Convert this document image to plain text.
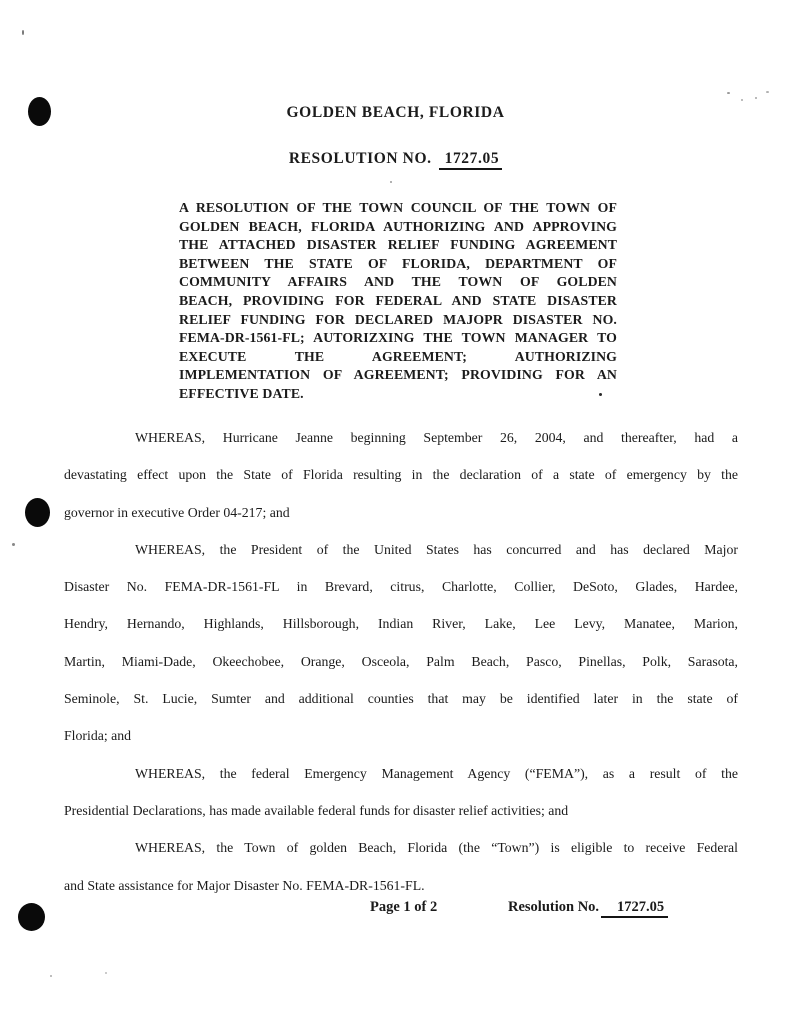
GOLDEN BEACH, FLORIDA
RESOLUTION NO. 1727.05
A RESOLUTION OF THE TOWN COUNCIL OF THE TOWN OF
GOLDEN BEACH, FLORIDA AUTHORIZING AND APPROVING
THE ATTACHED DISASTER RELIEF FUNDING AGREEMENT
BETWEEN THE STATE OF FLORIDA, DEPARTMENT OF
COMMUNITY AFFAIRS AND THE TOWN OF GOLDEN
BEACH, PROVIDING FOR FEDERAL AND STATE DISASTER
RELIEF FUNDING FOR DECLARED MAJOPR DISASTER NO.
FEMA-DR-1561-FL; AUTORIZXING THE TOWN MANAGER TO
EXECUTE THE AGREEMENT; AUTHORIZING
IMPLEMENTATION OF AGREEMENT; PROVIDING FOR AN
EFFECTIVE DATE.
WHEREAS, Hurricane Jeanne beginning September 26, 2004, and thereafter, had a
devastating effect upon the State of Florida resulting in the declaration of a state of emergency by the
governor in executive Order 04-217; and
WHEREAS, the President of the United States has concurred and has declared Major
Disaster No. FEMA-DR-1561-FL in Brevard, citrus, Charlotte, Collier, DeSoto, Glades, Hardee,
Hendry, Hernando, Highlands, Hillsborough, Indian River, Lake, Lee Levy, Manatee, Marion,
Martin, Miami-Dade, Okeechobee, Orange, Osceola, Palm Beach, Pasco, Pinellas, Polk, Sarasota,
Seminole, St. Lucie, Sumter and additional counties that may be identified later in the state of
Florida; and
WHEREAS, the federal Emergency Management Agency (“FEMA”), as a result of the
Presidential Declarations, has made available federal funds for disaster relief activities; and
WHEREAS, the Town of golden Beach, Florida (the “Town”) is eligible to receive Federal
and State assistance for Major Disaster No. FEMA-DR-1561-FL.
Page 1 of 2	Resolution No. 1727.05
